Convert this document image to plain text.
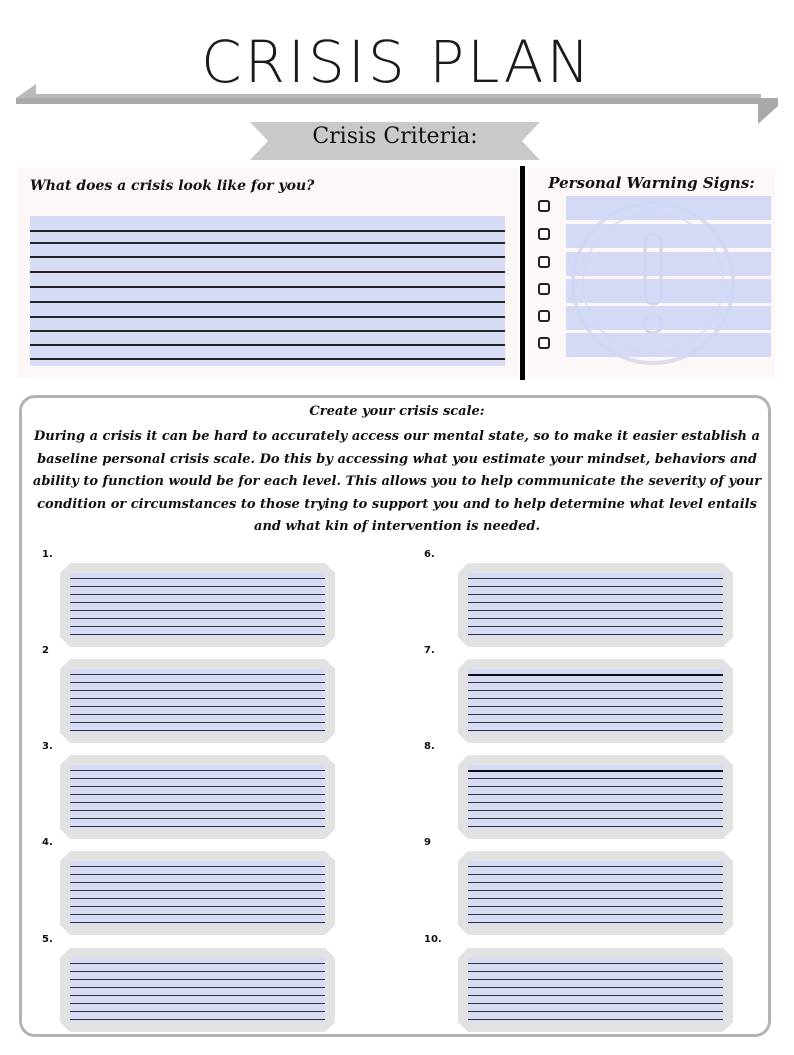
CRISIS PLAN
Crisis Criteria:
What does a crisis look like for you?	Personal Warning Signs:
Create your crisis scale:
During a crisis it can be hard to accurately access our mental state, so to make it easier establish a baseline personal crisis scale. Do this by accessing what you estimate your mindset, behaviors and ability to function would be for each level. This allows you to help communicate the severity of your condition or circumstances to those trying to support you and to help determine what level entails and what kin of intervention is needed.
1.
2
3.
4.
5.
6.
7.
8.
9
10.
